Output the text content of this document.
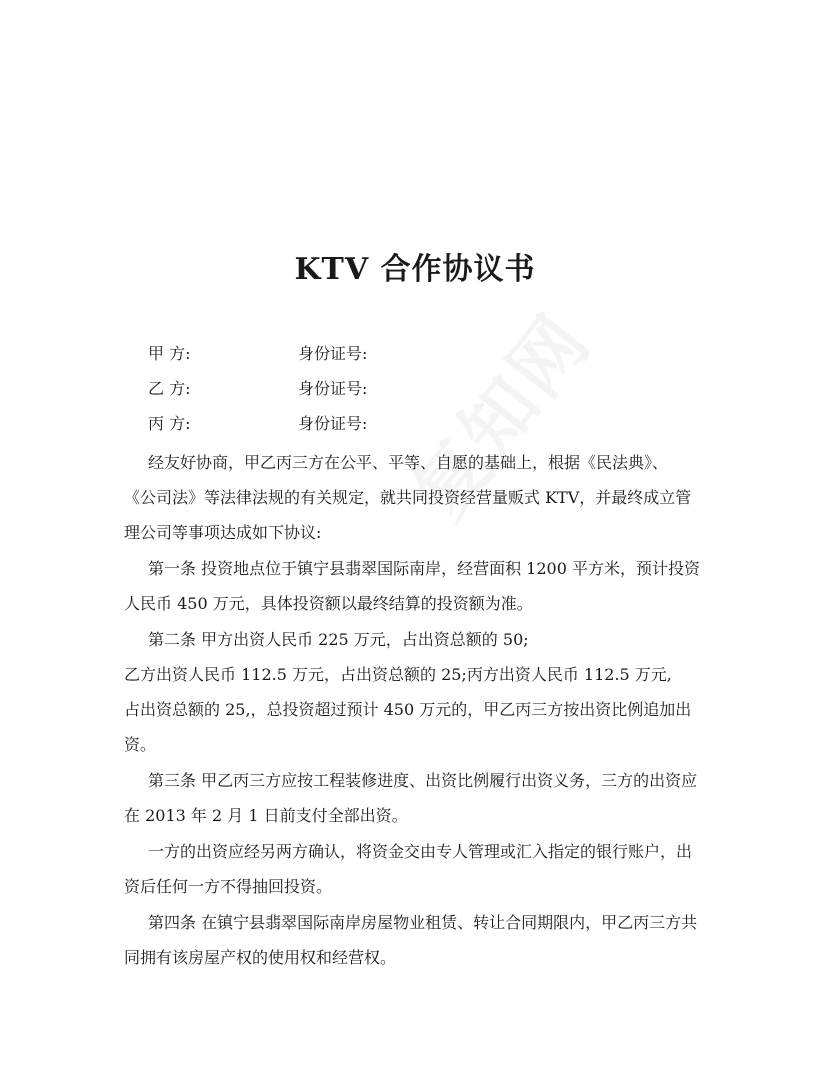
KTV 合作协议书
甲 方:	身份证号:
乙 方:	身份证号:
丙 方:	身份证号:
经友好协商，甲乙丙三方在公平、平等、自愿的基础上，根据《民法典》、
《公司法》等法律法规的有关规定，就共同投资经营量贩式 KTV，并最终成立管
理公司等事项达成如下协议:
第一条 投资地点位于镇宁县翡翠国际南岸，经营面积 1200 平方米，预计投资
人民币 450 万元，具体投资额以最终结算的投资额为准。
第二条 甲方出资人民币 225 万元，占出资总额的 50;
乙方出资人民币 112.5 万元，占出资总额的 25;丙方出资人民币 112.5 万元,
占出资总额的 25,，总投资超过预计 450 万元的，甲乙丙三方按出资比例追加出
资。
第三条 甲乙丙三方应按工程装修进度、出资比例履行出资义务，三方的出资应
在 2013 年 2 月 1 日前支付全部出资。
一方的出资应经另两方确认，将资金交由专人管理或汇入指定的银行账户，出
资后任何一方不得抽回投资。
第四条 在镇宁县翡翠国际南岸房屋物业租赁、转让合同期限内，甲乙丙三方共
同拥有该房屋产权的使用权和经营权。
